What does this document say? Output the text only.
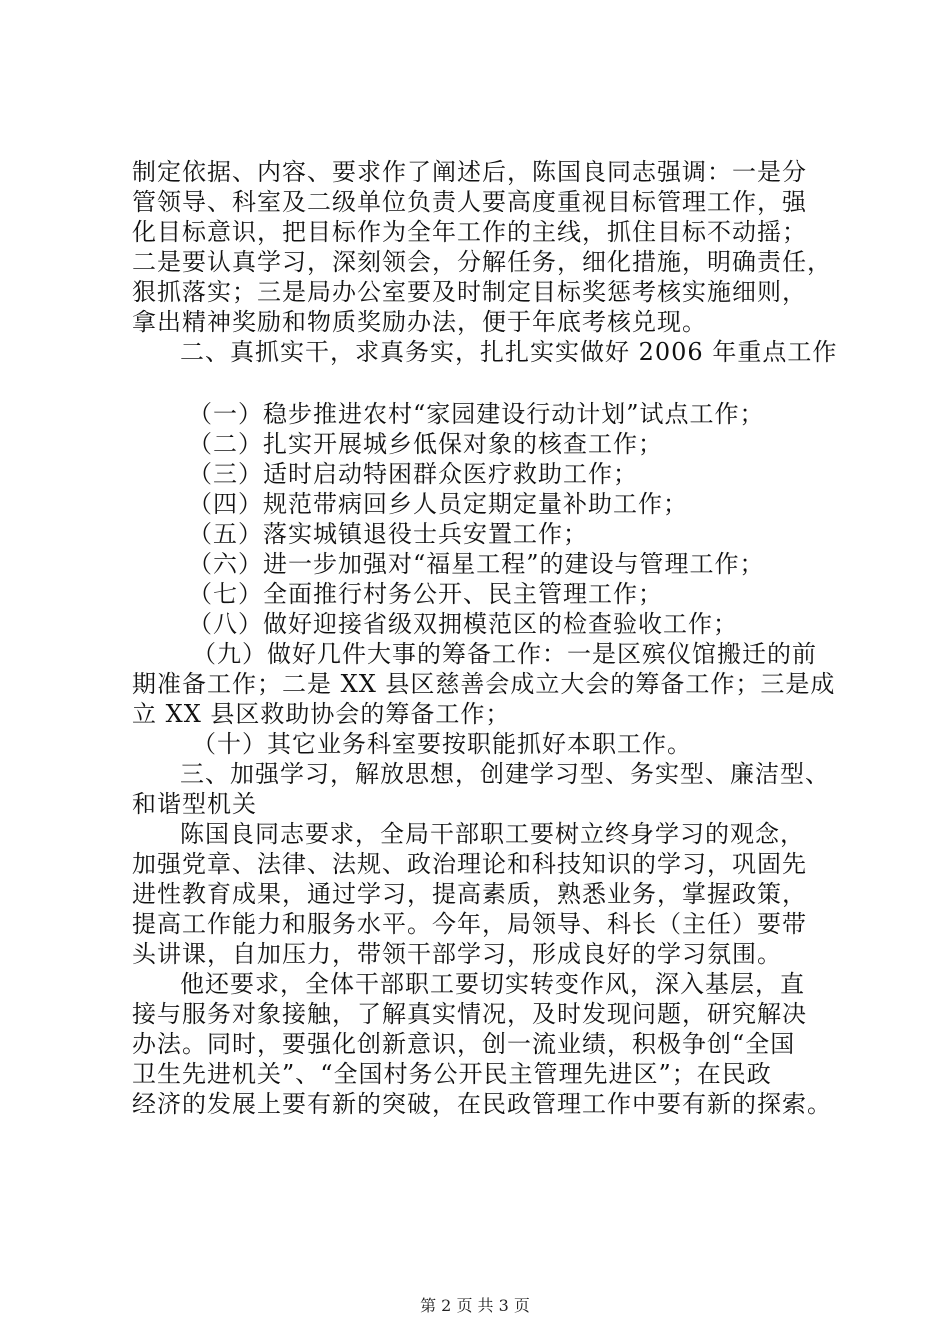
制定依据、内容、要求作了阐述后，陈国良同志强调：一是分

管领导、科室及二级单位负责人要高度重视目标管理工作，强

化目标意识，把目标作为全年工作的主线，抓住目标不动摇；

二是要认真学习，深刻领会，分解任务，细化措施，明确责任，

狠抓落实；三是局办公室要及时制定目标奖惩考核实施细则，

拿出精神奖励和物质奖励办法，便于年底考核兑现。

二、真抓实干，求真务实，扎扎实实做好 2006 年重点工作

（一）稳步推进农村“家园建设行动计划”试点工作；

（二）扎实开展城乡低保对象的核查工作；

（三）适时启动特困群众医疗救助工作；

（四）规范带病回乡人员定期定量补助工作；

（五）落实城镇退役士兵安置工作；

（六）进一步加强对“福星工程”的建设与管理工作；

（七）全面推行村务公开、民主管理工作；

（八）做好迎接省级双拥模范区的检查验收工作；

（九）做好几件大事的筹备工作：一是区殡仪馆搬迁的前

期准备工作；二是 XX 县区慈善会成立大会的筹备工作；三是成

立 XX 县区救助协会的筹备工作；

（十）其它业务科室要按职能抓好本职工作。

三、加强学习，解放思想，创建学习型、务实型、廉洁型、

和谐型机关

陈国良同志要求，全局干部职工要树立终身学习的观念，

加强党章、法律、法规、政治理论和科技知识的学习，巩固先

进性教育成果，通过学习，提高素质，熟悉业务，掌握政策，

提高工作能力和服务水平。今年，局领导、科长（主任）要带

头讲课，自加压力，带领干部学习，形成良好的学习氛围。

他还要求，全体干部职工要切实转变作风，深入基层，直

接与服务对象接触，了解真实情况，及时发现问题，研究解决

办法。同时，要强化创新意识，创一流业绩，积极争创“全国

卫生先进机关”、“全国村务公开民主管理先进区”；在民政

经济的发展上要有新的突破，在民政管理工作中要有新的探索。

第 2 页 共 3 页
